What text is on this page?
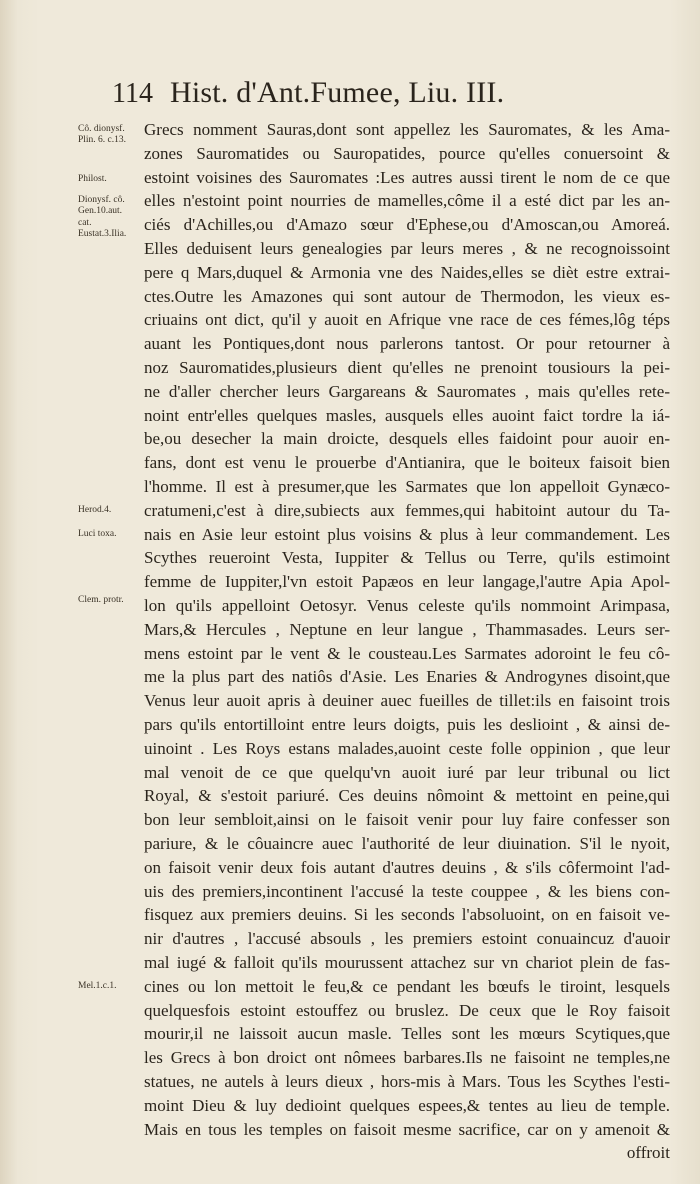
114 Hist. d'Ant.Fumee, Liu. III.
Cô. dionysf.
Plin. 6. c.13.
Philost.
Dionysf. cô.
Gen.10.aut.
cat.
Eustat.3.Ilia.
Herod.4.
Luci toxa.
Clem. protr.
Mel.1.c.1.
Grecs nomment Sauras,dont sont appellez les Sauromates, & les Ama-
zones Sauromatides ou Sauropatides, pource qu'elles conuersoint &
estoint voisines des Sauromates :Les autres aussi tirent le nom de ce que
elles n'estoint point nourries de mamelles,côme il a esté dict par les an-
ciés d'Achilles,ou d'Amazo sœur d'Ephese,ou d'Amoscan,ou Amoreá.
Elles deduisent leurs genealogies par leurs meres , & ne recognoissoint
pere q Mars,duquel & Armonia vne des Naides,elles se dièt estre extrai-
ctes.Outre les Amazones qui sont autour de Thermodon, les vieux es-
criuains ont dict, qu'il y auoit en Afrique vne race de ces fémes,lôg téps
auant les Pontiques,dont nous parlerons tantost. Or pour retourner à
noz Sauromatides,plusieurs dient qu'elles ne prenoint tousiours la pei-
ne d'aller chercher leurs Gargareans & Sauromates , mais qu'elles rete-
noint entr'elles quelques masles, ausquels elles auoint faict tordre la iá-
be,ou desecher la main droicte, desquels elles faidoint pour auoir en-
fans, dont est venu le prouerbe d'Antianira, que le boiteux faisoit bien
l'homme. Il est à presumer,que les Sarmates que lon appelloit Gynæco-
cratumeni,c'est à dire,subiects aux femmes,qui habitoint autour du Ta-
nais en Asie leur estoint plus voisins & plus à leur commandement. Les
Scythes reueroint Vesta, Iuppiter & Tellus ou Terre, qu'ils estimoint
femme de Iuppiter,l'vn estoit Papæos en leur langage,l'autre Apia Apol-
lon qu'ils appelloint Oetosyr. Venus celeste qu'ils nommoint Arimpasa,
Mars,& Hercules , Neptune en leur langue , Thammasades. Leurs ser-
mens estoint par le vent & le cousteau.Les Sarmates adoroint le feu cô-
me la plus part des natiôs d'Asie. Les Enaries & Androgynes disoint,que
Venus leur auoit apris à deuiner auec fueilles de tillet:ils en faisoint trois
pars qu'ils entortilloint entre leurs doigts, puis les deslioint , & ainsi de-
uinoint . Les Roys estans malades,auoint ceste folle oppinion , que leur
mal venoit de ce que quelqu'vn auoit iuré par leur tribunal ou lict
Royal, & s'estoit pariuré. Ces deuins nômoint & mettoint en peine,qui
bon leur sembloit,ainsi on le faisoit venir pour luy faire confesser son
pariure, & le côuaincre auec l'authorité de leur diuination. S'il le nyoit,
on faisoit venir deux fois autant d'autres deuins , & s'ils côfermoint l'ad-
uis des premiers,incontinent l'accusé la teste couppee , & les biens con-
fisquez aux premiers deuins. Si les seconds l'absoluoint, on en faisoit ve-
nir d'autres , l'accusé absouls , les premiers estoint conuaincuz d'auoir
mal iugé & falloit qu'ils mourussent attachez sur vn chariot plein de fas-
cines ou lon mettoit le feu,& ce pendant les bœufs le tiroint, lesquels
quelquesfois estoint estouffez ou bruslez. De ceux que le Roy faisoit
mourir,il ne laissoit aucun masle. Telles sont les mœurs Scytiques,que
les Grecs à bon droict ont nômees barbares.Ils ne faisoint ne temples,ne
statues, ne autels à leurs dieux , hors-mis à Mars. Tous les Scythes l'esti-
moint Dieu & luy dedioint quelques espees,& tentes au lieu de temple.
Mais en tous les temples on faisoit mesme sacrifice, car on y amenoit &
offroit
